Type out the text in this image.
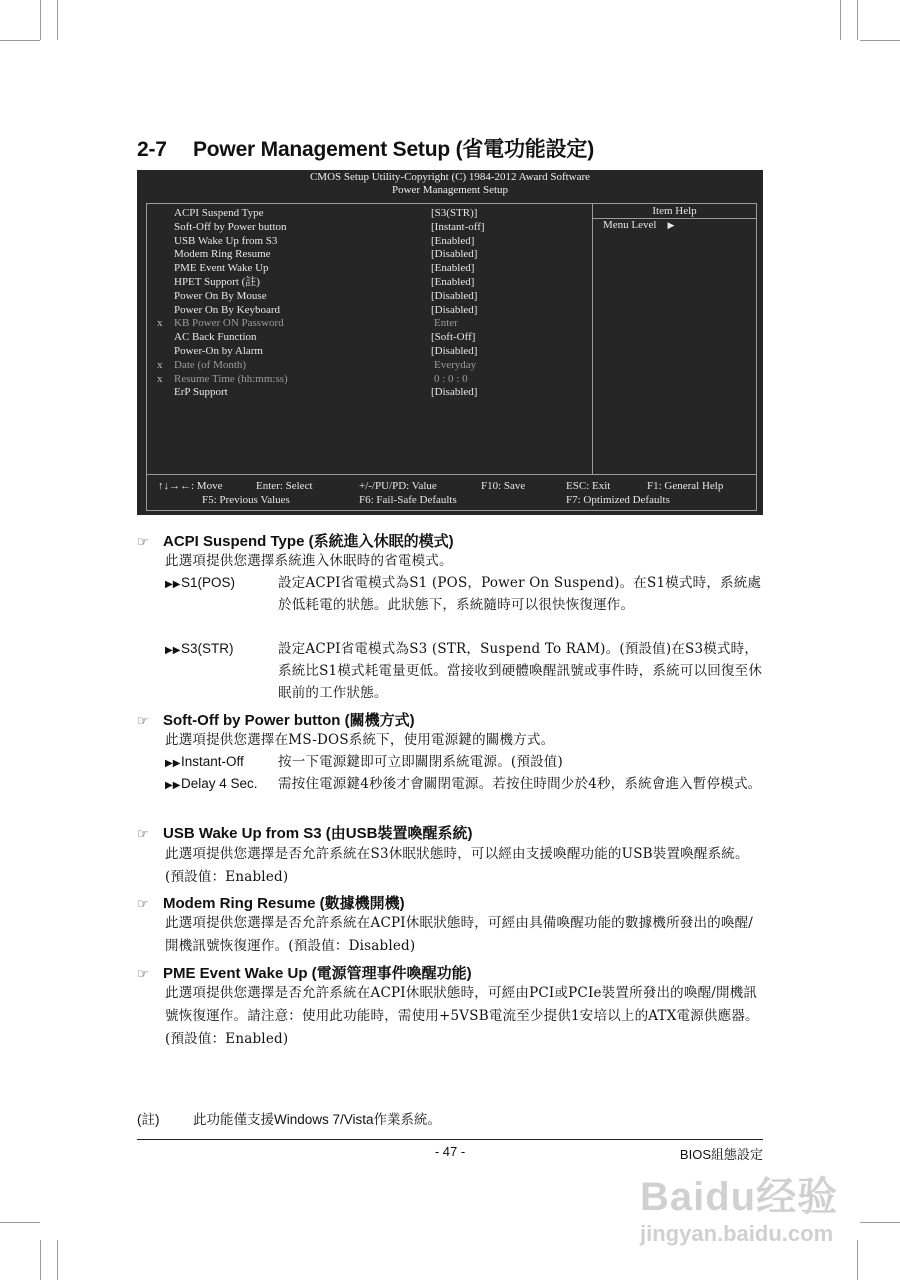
2-7 Power Management Setup (省電功能設定)
CMOS Setup Utility-Copyright (C) 1984-2012 Award Software
Power Management Setup
Item Help
Menu Level ▶
ACPI Suspend Type	[S3(STR)]
Soft-Off by Power button	[Instant-off]
USB Wake Up from S3	[Enabled]
Modem Ring Resume	[Disabled]
PME Event Wake Up	[Enabled]
HPET Support (註)	[Enabled]
Power On By Mouse	[Disabled]
Power On By Keyboard	[Disabled]
x	KB Power ON Password	Enter
AC Back Function	[Soft-Off]
Power-On by Alarm	[Disabled]
x	Date (of Month)	Everyday
x	Resume Time (hh:mm:ss)	0 : 0 : 0
ErP Support	[Disabled]
↑↓→←: Move	Enter: Select	+/-/PU/PD: Value	F10: Save	ESC: Exit	F1: General Help
F5: Previous Values	F6: Fail-Safe Defaults	F7: Optimized Defaults
☞ ACPI Suspend Type (系統進入休眠的模式)
此選項提供您選擇系統進入休眠時的省電模式。
▶▶S1(POS)	設定ACPI省電模式為S1 (POS，Power On Suspend)。在S1模式時，系統處於低耗電的狀態。此狀態下，系統隨時可以很快恢復運作。
▶▶S3(STR)	設定ACPI省電模式為S3 (STR，Suspend To RAM)。(預設值)在S3模式時，系統比S1模式耗電量更低。當接收到硬體喚醒訊號或事件時，系統可以回復至休眠前的工作狀態。
☞ Soft-Off by Power button (關機方式)
此選項提供您選擇在MS-DOS系統下，使用電源鍵的關機方式。
▶▶Instant-Off	按一下電源鍵即可立即關閉系統電源。(預設值)
▶▶Delay 4 Sec. 需按住電源鍵4秒後才會關閉電源。若按住時間少於4秒，系統會進入暫停模式。
☞ USB Wake Up from S3 (由USB裝置喚醒系統)
此選項提供您選擇是否允許系統在S3休眠狀態時，可以經由支援喚醒功能的USB裝置喚醒系統。(預設值：Enabled)
☞ Modem Ring Resume (數據機開機)
此選項提供您選擇是否允許系統在ACPI休眠狀態時，可經由具備喚醒功能的數據機所發出的喚醒/開機訊號恢復運作。(預設值：Disabled)
☞ PME Event Wake Up (電源管理事件喚醒功能)
此選項提供您選擇是否允許系統在ACPI休眠狀態時，可經由PCI或PCIe裝置所發出的喚醒/開機訊號恢復運作。請注意：使用此功能時，需使用+5VSB電流至少提供1安培以上的ATX電源供應器。(預設值：Enabled)
(註) 此功能僅支援Windows 7/Vista作業系統。
- 47 -	BIOS組態設定
Baidu经验
jingyan.baidu.com
